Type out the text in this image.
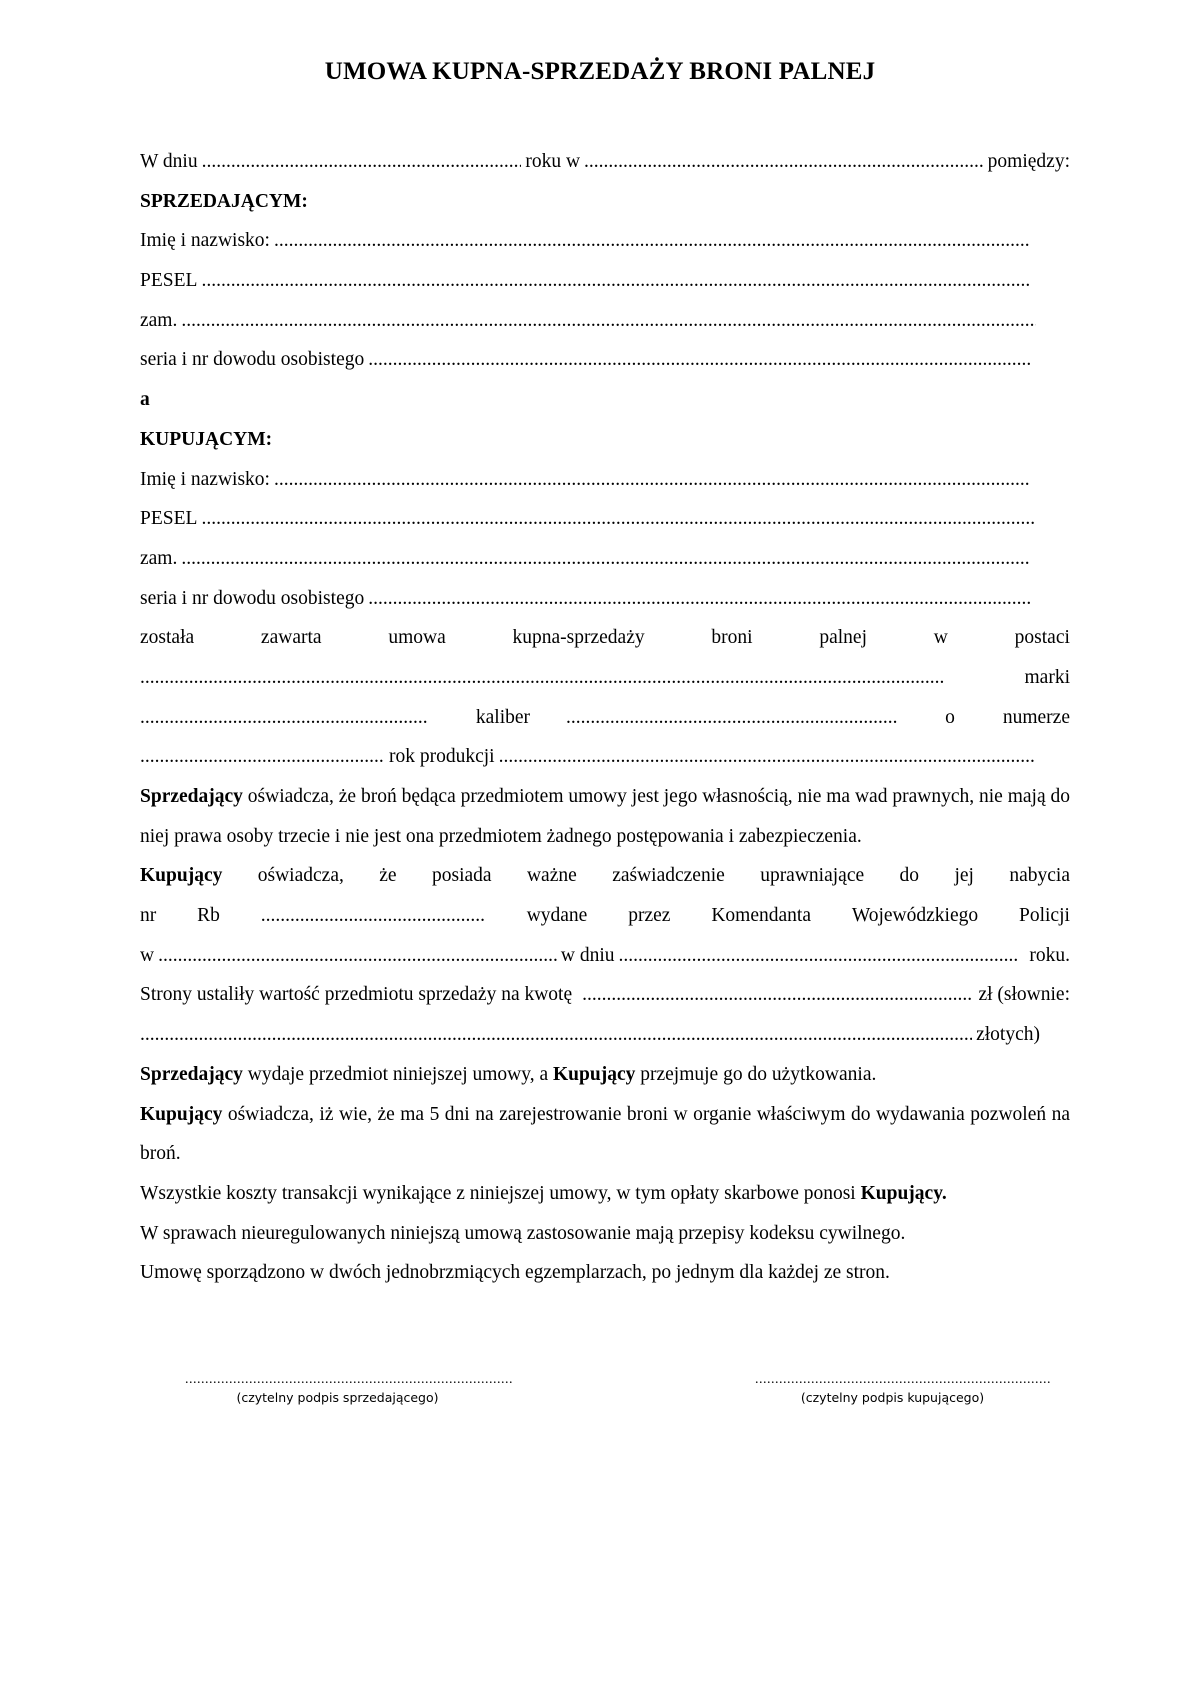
UMOWA KUPNA-SPRZEDAŻY BRONI PALNEJ
W dniu .....	roku w .....	pomiędzy:
SPRZEDAJĄCYM:
Imię i nazwisko:
.....
PESEL
.....
zam.
.....
seria i nr dowodu osobistego
.....
a
KUPUJĄCYM:
Imię i nazwisko:
.....
PESEL
.....
zam.
.....
seria i nr dowodu osobistego
.....
została	zawarta	umowa	kupna-sprzedaży	broni	palnej	w	postaci
.....
marki
.....
kaliber .....	o numerze
.....
rok produkcji
.....
Sprzedający oświadcza, że broń będąca przedmiotem umowy jest jego własnością, nie ma wad prawnych, nie mają do niej prawa osoby trzecie i nie jest ona przedmiotem żadnego postępowania i zabezpieczenia.
Kupujący oświadcza, że posiada ważne zaświadczenie uprawniające do jej nabycia
nr Rb .....	wydane przez Komendanta Wojewódzkiego Policji
w .....	w dniu .....	roku.
Strony ustaliły wartość przedmiotu sprzedaży na kwotę .....	zł (słownie:
.....
złotych)
Sprzedający wydaje przedmiot niniejszej umowy, a Kupujący przejmuje go do użytkowania.
Kupujący oświadcza, iż wie, że ma 5 dni na zarejestrowanie broni w organie właściwym do wydawania pozwoleń na broń.
Wszystkie koszty transakcji wynikające z niniejszej umowy, w tym opłaty skarbowe ponosi Kupujący.
W sprawach nieuregulowanych niniejszą umową zastosowanie mają przepisy kodeksu cywilnego.
Umowę sporządzono w dwóch jednobrzmiących egzemplarzach, po jednym dla każdej ze stron.
..................................................................................
(czytelny podpis sprzedającego)
..........................................................................
(czytelny podpis kupującego)
